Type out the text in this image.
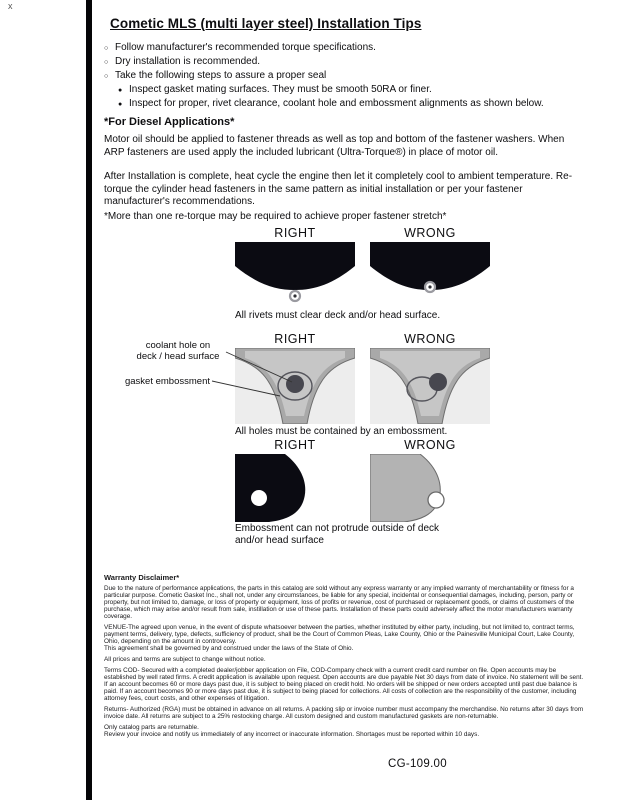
x
Cometic MLS (multi layer steel) Installation Tips
○ Follow manufacturer's recommended torque specifications.
○ Dry installation is recommended.
○ Take the following steps to assure a proper seal
● Inspect gasket mating surfaces. They must be smooth 50RA or finer.
● Inspect for proper, rivet clearance, coolant hole and embossment alignments as shown below.
*For Diesel Applications*
Motor oil should be applied to fastener threads as well as top and bottom of the fastener washers. When ARP fasteners are used apply the included lubricant (Ultra-Torque®) in place of motor oil.
After Installation is complete, heat cycle the engine then let it completely cool to ambient temperature. Re-torque the cylinder head fasteners in the same pattern as initial installation or per your fastener manufacturer's recommendations.
*More than one re-torque may be required to achieve proper fastener stretch*
RIGHT	WRONG
All rivets must clear deck and/or head surface.
RIGHT	WRONG
coolant hole on
deck / head surface
gasket embossment
All holes must be contained by an embossment.
RIGHT	WRONG
Embossment can not protrude outside of deck and/or head surface
Warranty Disclaimer*
Due to the nature of performance applications, the parts in this catalog are sold without any express warranty or any implied warranty of merchantability or fitness for a particular purpose. Cometic Gasket Inc., shall not, under any circumstances, be liable for any special, incidental or consequential damages, including, person, party or property, but not limited to, damage, or loss of property or equipment, loss of profits or revenue, cost of purchased or replacement goods, or claims of customers of the purchase, which may arise and/or result from sale, instillation or use of these parts. Installation of these parts could adversely affect the motor manufacturers warranty coverage.
VENUE-The agreed upon venue, in the event of dispute whatsoever between the parties, whether instituted by either party, including, but not limited to, contract terms, payment terms, delivery, type, defects, sufficiency of product, shall be the Court of Common Pleas, Lake County, Ohio or the Painesville Municipal Court, Lake County, Ohio, depending on the amount in controversy.
This agreement shall be governed by and construed under the laws of the State of Ohio.
All prices and terms are subject to change without notice.
Terms COD- Secured with a completed dealer/jobber application on File, COD-Company check with a current credit card number on file. Open accounts may be established by well rated firms. A credit application is available upon request. Open accounts are due payable Net 30 days from date of invoice. No statement will be sent. If an account becomes 60 or more days past due, it is subject to being placed on credit hold. No orders will be shipped or new orders accepted until past due balance is paid. If an account becomes 90 or more days past due, it is subject to being placed for collections. All costs of collection are the responsibility of the customer, including attorney fees, court costs, and other expenses of litigation.
Returns- Authorized (RGA) must be obtained in advance on all returns. A packing slip or invoice number must accompany the merchandise. No returns after 30 days from invoice date. All returns are subject to a 25% restocking charge. All custom designed and custom manufactured gaskets are non-returnable.
Only catalog parts are returnable.
Review your invoice and notify us immediately of any incorrect or inaccurate information. Shortages must be reported within 10 days.
CG-109.00
